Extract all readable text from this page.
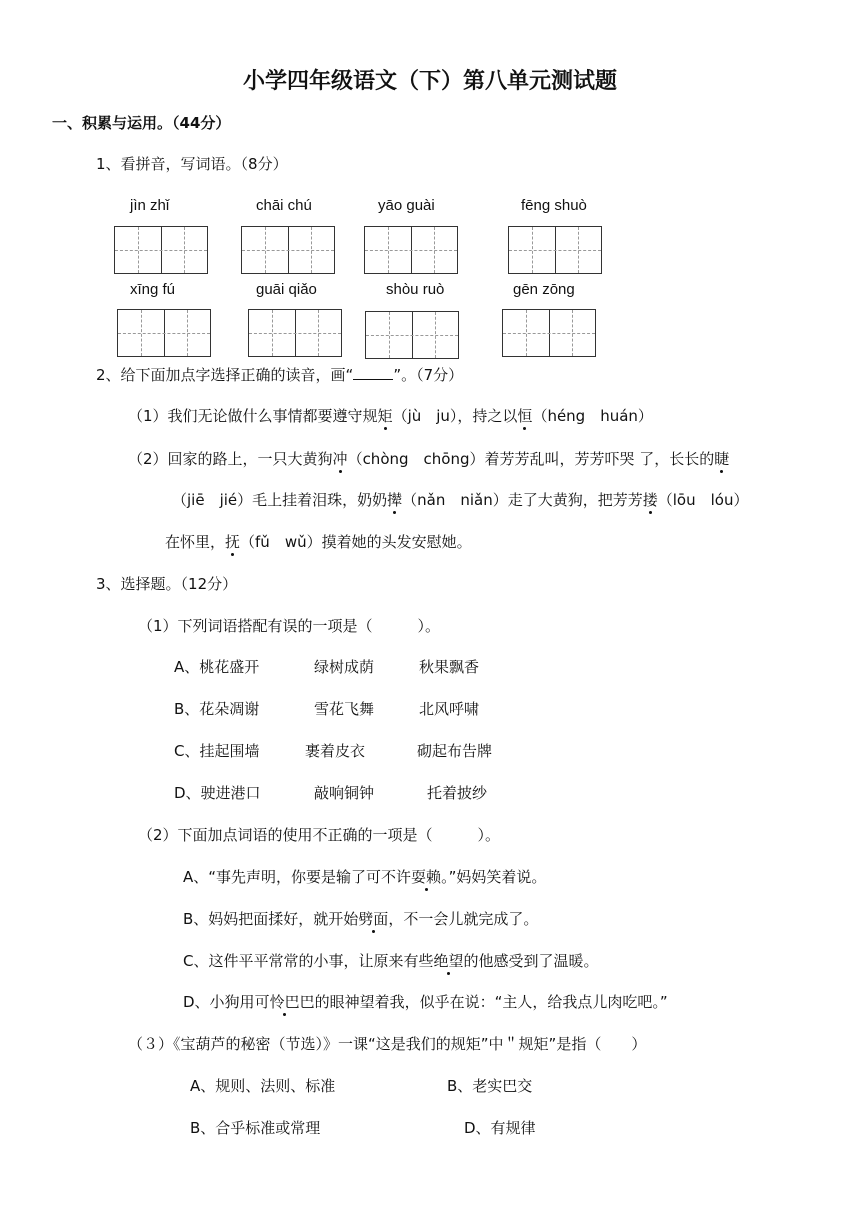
小学四年级语文（下）第八单元测试题
一、积累与运用。（44分）
1、看拼音，写词语。（8分）
jìn zhǐ	chāi chú	yāo guài	fēng shuò
xīng fú	guāi qiǎo	shòu ruò	gēn zōng
2、给下面加点字选择正确的读音，画“	”。（7分）
（1）我们无论做什么事情都要遵守规矩（jù　ju），持之以恒（héng　huán）
（2）回家的路上，一只大黄狗冲（chòng　chōng）着芳芳乱叫，芳芳吓哭 了，长长的睫
（jiē　jié）毛上挂着泪珠，奶奶撵（nǎn　niǎn）走了大黄狗，把芳芳搂（lōu　lóu）
在怀里，抚（fǔ　wǔ）摸着她的头发安慰她。
3、选择题。（12分）
（1）下列词语搭配有误的一项是（　　　）。
A、桃花盛开	绿树成荫	秋果飘香
B、花朵凋谢	雪花飞舞	北风呼啸
C、挂起围墙	裹着皮衣	砌起布告牌
D、驶进港口	敲响铜钟	托着披纱
（2）下面加点词语的使用不正确的一项是（　　　）。
A、“事先声明，你要是输了可不许耍赖。”妈妈笑着说。
B、妈妈把面揉好，就开始劈面，不一会儿就完成了。
C、这件平平常常的小事，让原来有些绝望的他感受到了温暖。
D、小狗用可怜巴巴的眼神望着我，似乎在说：“主人，给我点儿肉吃吧。”
（３）《宝葫芦的秘密（节选）》一课“这是我们的规矩”中＂规矩”是指（　　）
A、规则、法则、标准	B、老实巴交
B、合乎标准或常理	D、有规律
